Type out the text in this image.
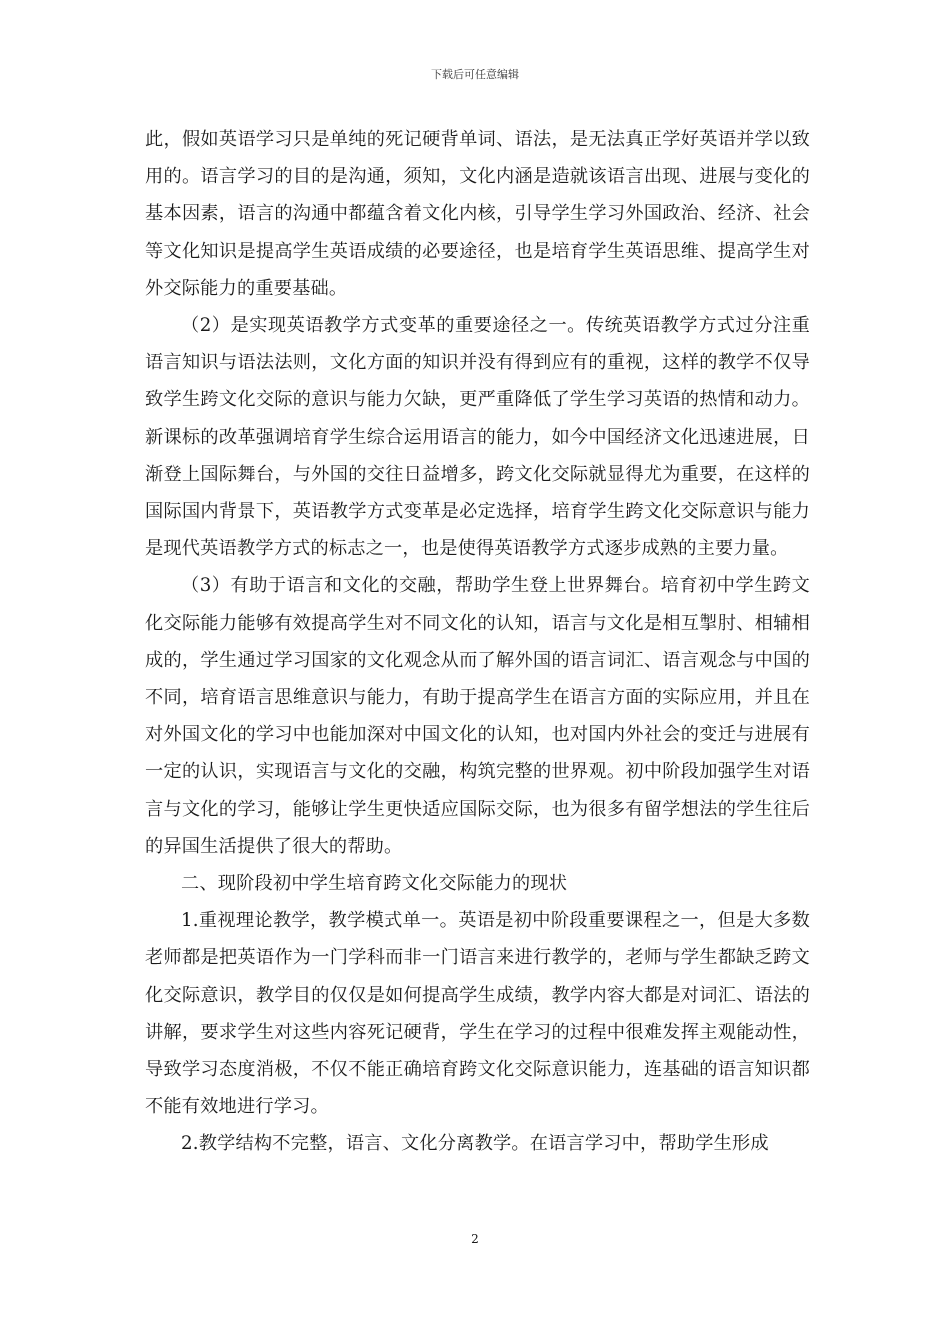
下载后可任意编辑

此，假如英语学习只是单纯的死记硬背单词、语法，是无法真正学好英语并学以致用的。语言学习的目的是沟通，须知，文化内涵是造就该语言出现、进展与变化的基本因素，语言的沟通中都蕴含着文化内核，引导学生学习外国政治、经济、社会等文化知识是提高学生英语成绩的必要途径，也是培育学生英语思维、提高学生对外交际能力的重要基础。

（2）是实现英语教学方式变革的重要途径之一。传统英语教学方式过分注重语言知识与语法法则，文化方面的知识并没有得到应有的重视，这样的教学不仅导致学生跨文化交际的意识与能力欠缺，更严重降低了学生学习英语的热情和动力。新课标的改革强调培育学生综合运用语言的能力，如今中国经济文化迅速进展，日渐登上国际舞台，与外国的交往日益增多，跨文化交际就显得尤为重要，在这样的国际国内背景下，英语教学方式变革是必定选择，培育学生跨文化交际意识与能力是现代英语教学方式的标志之一，也是使得英语教学方式逐步成熟的主要力量。

（3）有助于语言和文化的交融，帮助学生登上世界舞台。培育初中学生跨文化交际能力能够有效提高学生对不同文化的认知，语言与文化是相互掣肘、相辅相成的，学生通过学习国家的文化观念从而了解外国的语言词汇、语言观念与中国的不同，培育语言思维意识与能力，有助于提高学生在语言方面的实际应用，并且在对外国文化的学习中也能加深对中国文化的认知，也对国内外社会的变迁与进展有一定的认识，实现语言与文化的交融，构筑完整的世界观。初中阶段加强学生对语言与文化的学习，能够让学生更快适应国际交际，也为很多有留学想法的学生往后的异国生活提供了很大的帮助。

二、现阶段初中学生培育跨文化交际能力的现状

1.重视理论教学，教学模式单一。英语是初中阶段重要课程之一，但是大多数老师都是把英语作为一门学科而非一门语言来进行教学的，老师与学生都缺乏跨文化交际意识，教学目的仅仅是如何提高学生成绩，教学内容大都是对词汇、语法的讲解，要求学生对这些内容死记硬背，学生在学习的过程中很难发挥主观能动性，导致学习态度消极，不仅不能正确培育跨文化交际意识能力，连基础的语言知识都不能有效地进行学习。

2.教学结构不完整，语言、文化分离教学。在语言学习中，帮助学生形成

2
